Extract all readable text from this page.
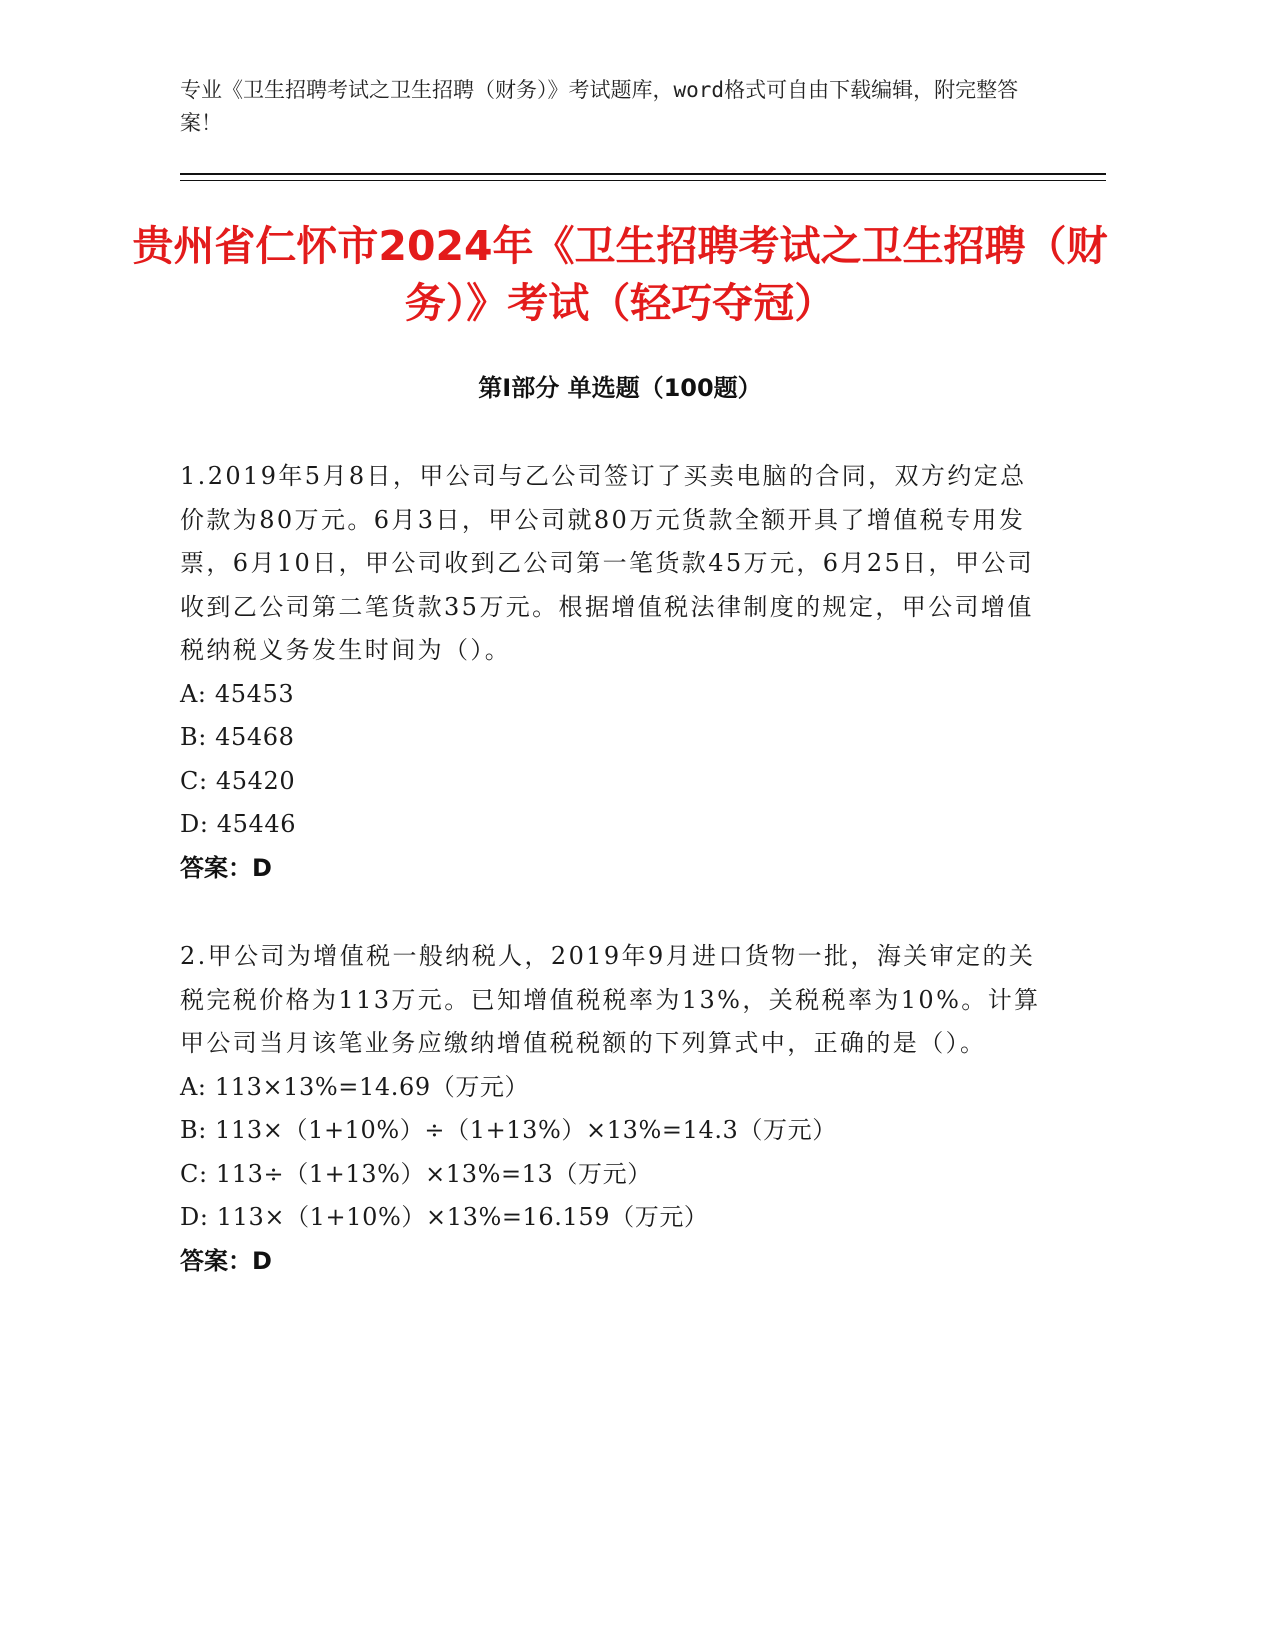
专业《卫生招聘考试之卫生招聘（财务）》考试题库，word格式可自由下载编辑，附完整答案！
贵州省仁怀市2024年《卫生招聘考试之卫生招聘（财务）》考试（轻巧夺冠）
第I部分 单选题（100题）

1.2019年5月8日，甲公司与乙公司签订了买卖电脑的合同，双方约定总价款为80万元。6月3日，甲公司就80万元货款全额开具了增值税专用发票，6月10日，甲公司收到乙公司第一笔货款45万元，6月25日，甲公司收到乙公司第二笔货款35万元。根据增值税法律制度的规定，甲公司增值税纳税义务发生时间为（）。

A: 45453

B: 45468

C: 45420

D: 45446

答案：D

2.甲公司为增值税一般纳税人，2019年9月进口货物一批，海关审定的关税完税价格为113万元。已知增值税税率为13%，关税税率为10%。计算甲公司当月该笔业务应缴纳增值税税额的下列算式中，正确的是（）。

A: 113×13%=14.69（万元）

B: 113×（1+10%）÷（1+13%）×13%=14.3（万元）

C: 113÷（1+13%）×13%=13（万元）

D: 113×（1+10%）×13%=16.159（万元）

答案：D
